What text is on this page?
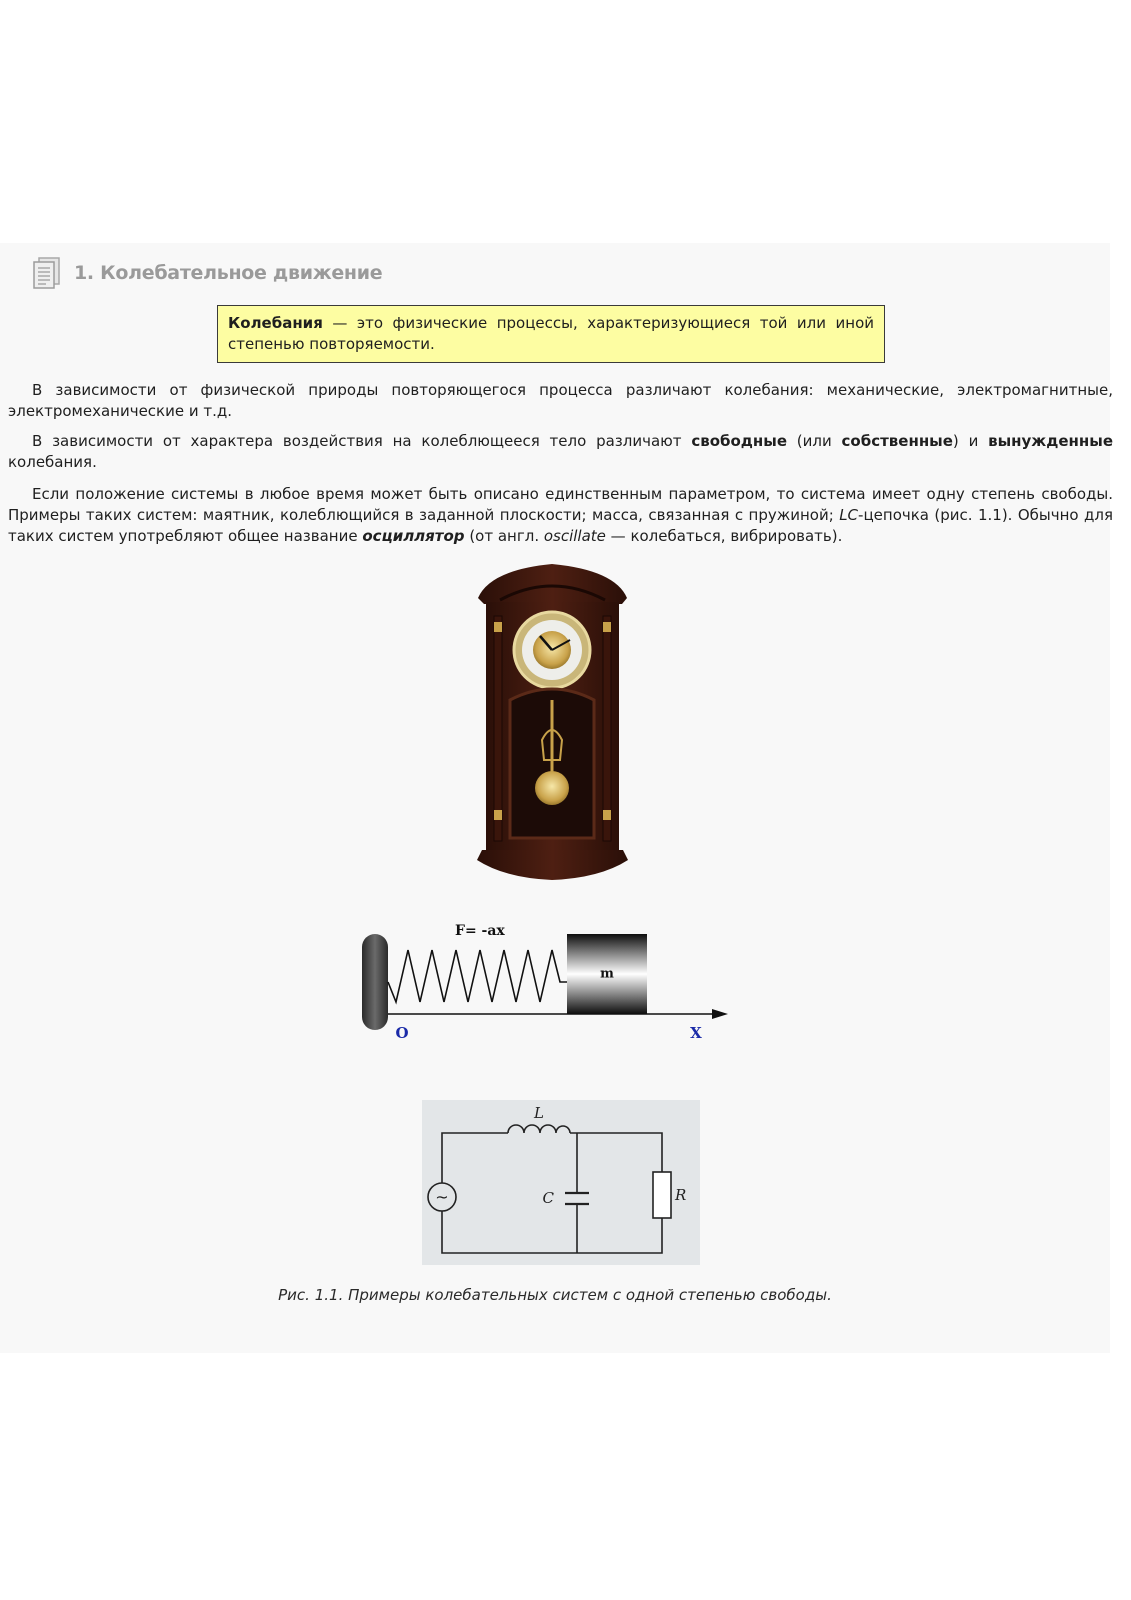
1. Колебательное движение
Колебания — это физические процессы, характеризующиеся той или иной степенью повторяемости.

В зависимости от физической природы повторяющегося процесса различают колебания: механические, электромагнитные, электромеханические и т.д.

В зависимости от характера воздействия на колеблющееся тело различают свободные (или собственные) и вынужденные колебания.

Если положение системы в любое время может быть описано единственным параметром, то система имеет одну степень свободы. Примеры таких систем: маятник, колеблющийся в заданной плоскости; масса, связанная с пружиной; LC-цепочка (рис. 1.1). Обычно для таких систем употребляют общее название осциллятор (от англ. oscillate — колебаться, вибрировать).

F= -ax
m
O	X
L
C	R
~
Рис. 1.1. Примеры колебательных систем с одной степенью свободы.
